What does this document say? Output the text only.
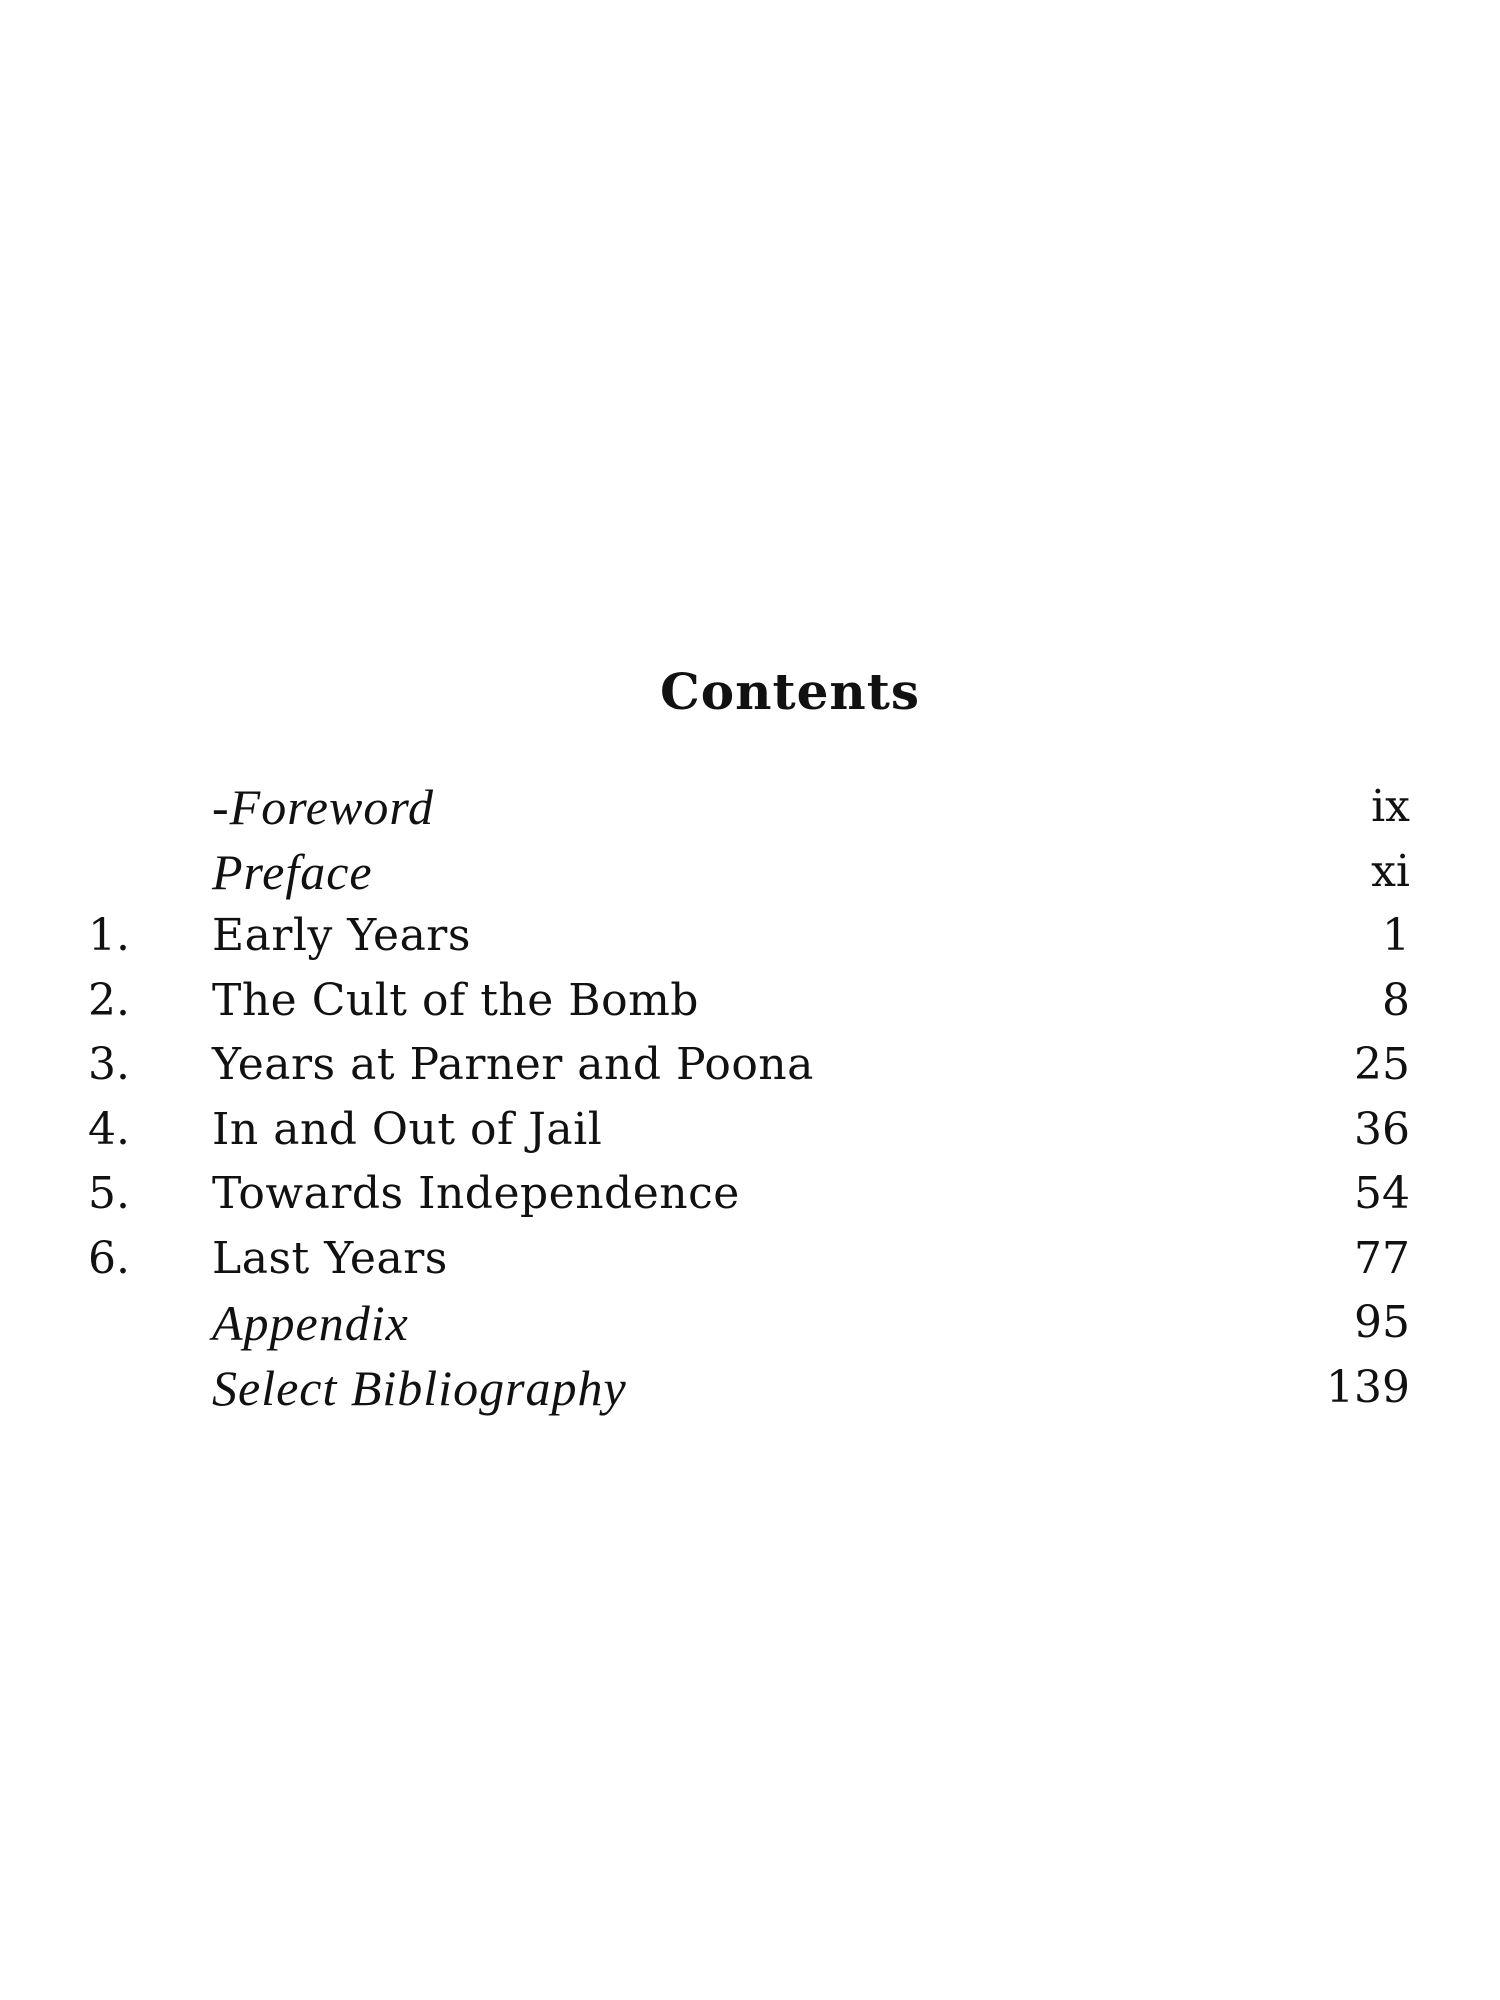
Contents
-Foreword	ix
Preface	xi
1.	Early Years	1
2.	The Cult of the Bomb	8
3.	Years at Parner and Poona	25
4.	In and Out of Jail	36
5.	Towards Independence	54
6.	Last Years	77
Appendix	95
Select Bibliography	139
